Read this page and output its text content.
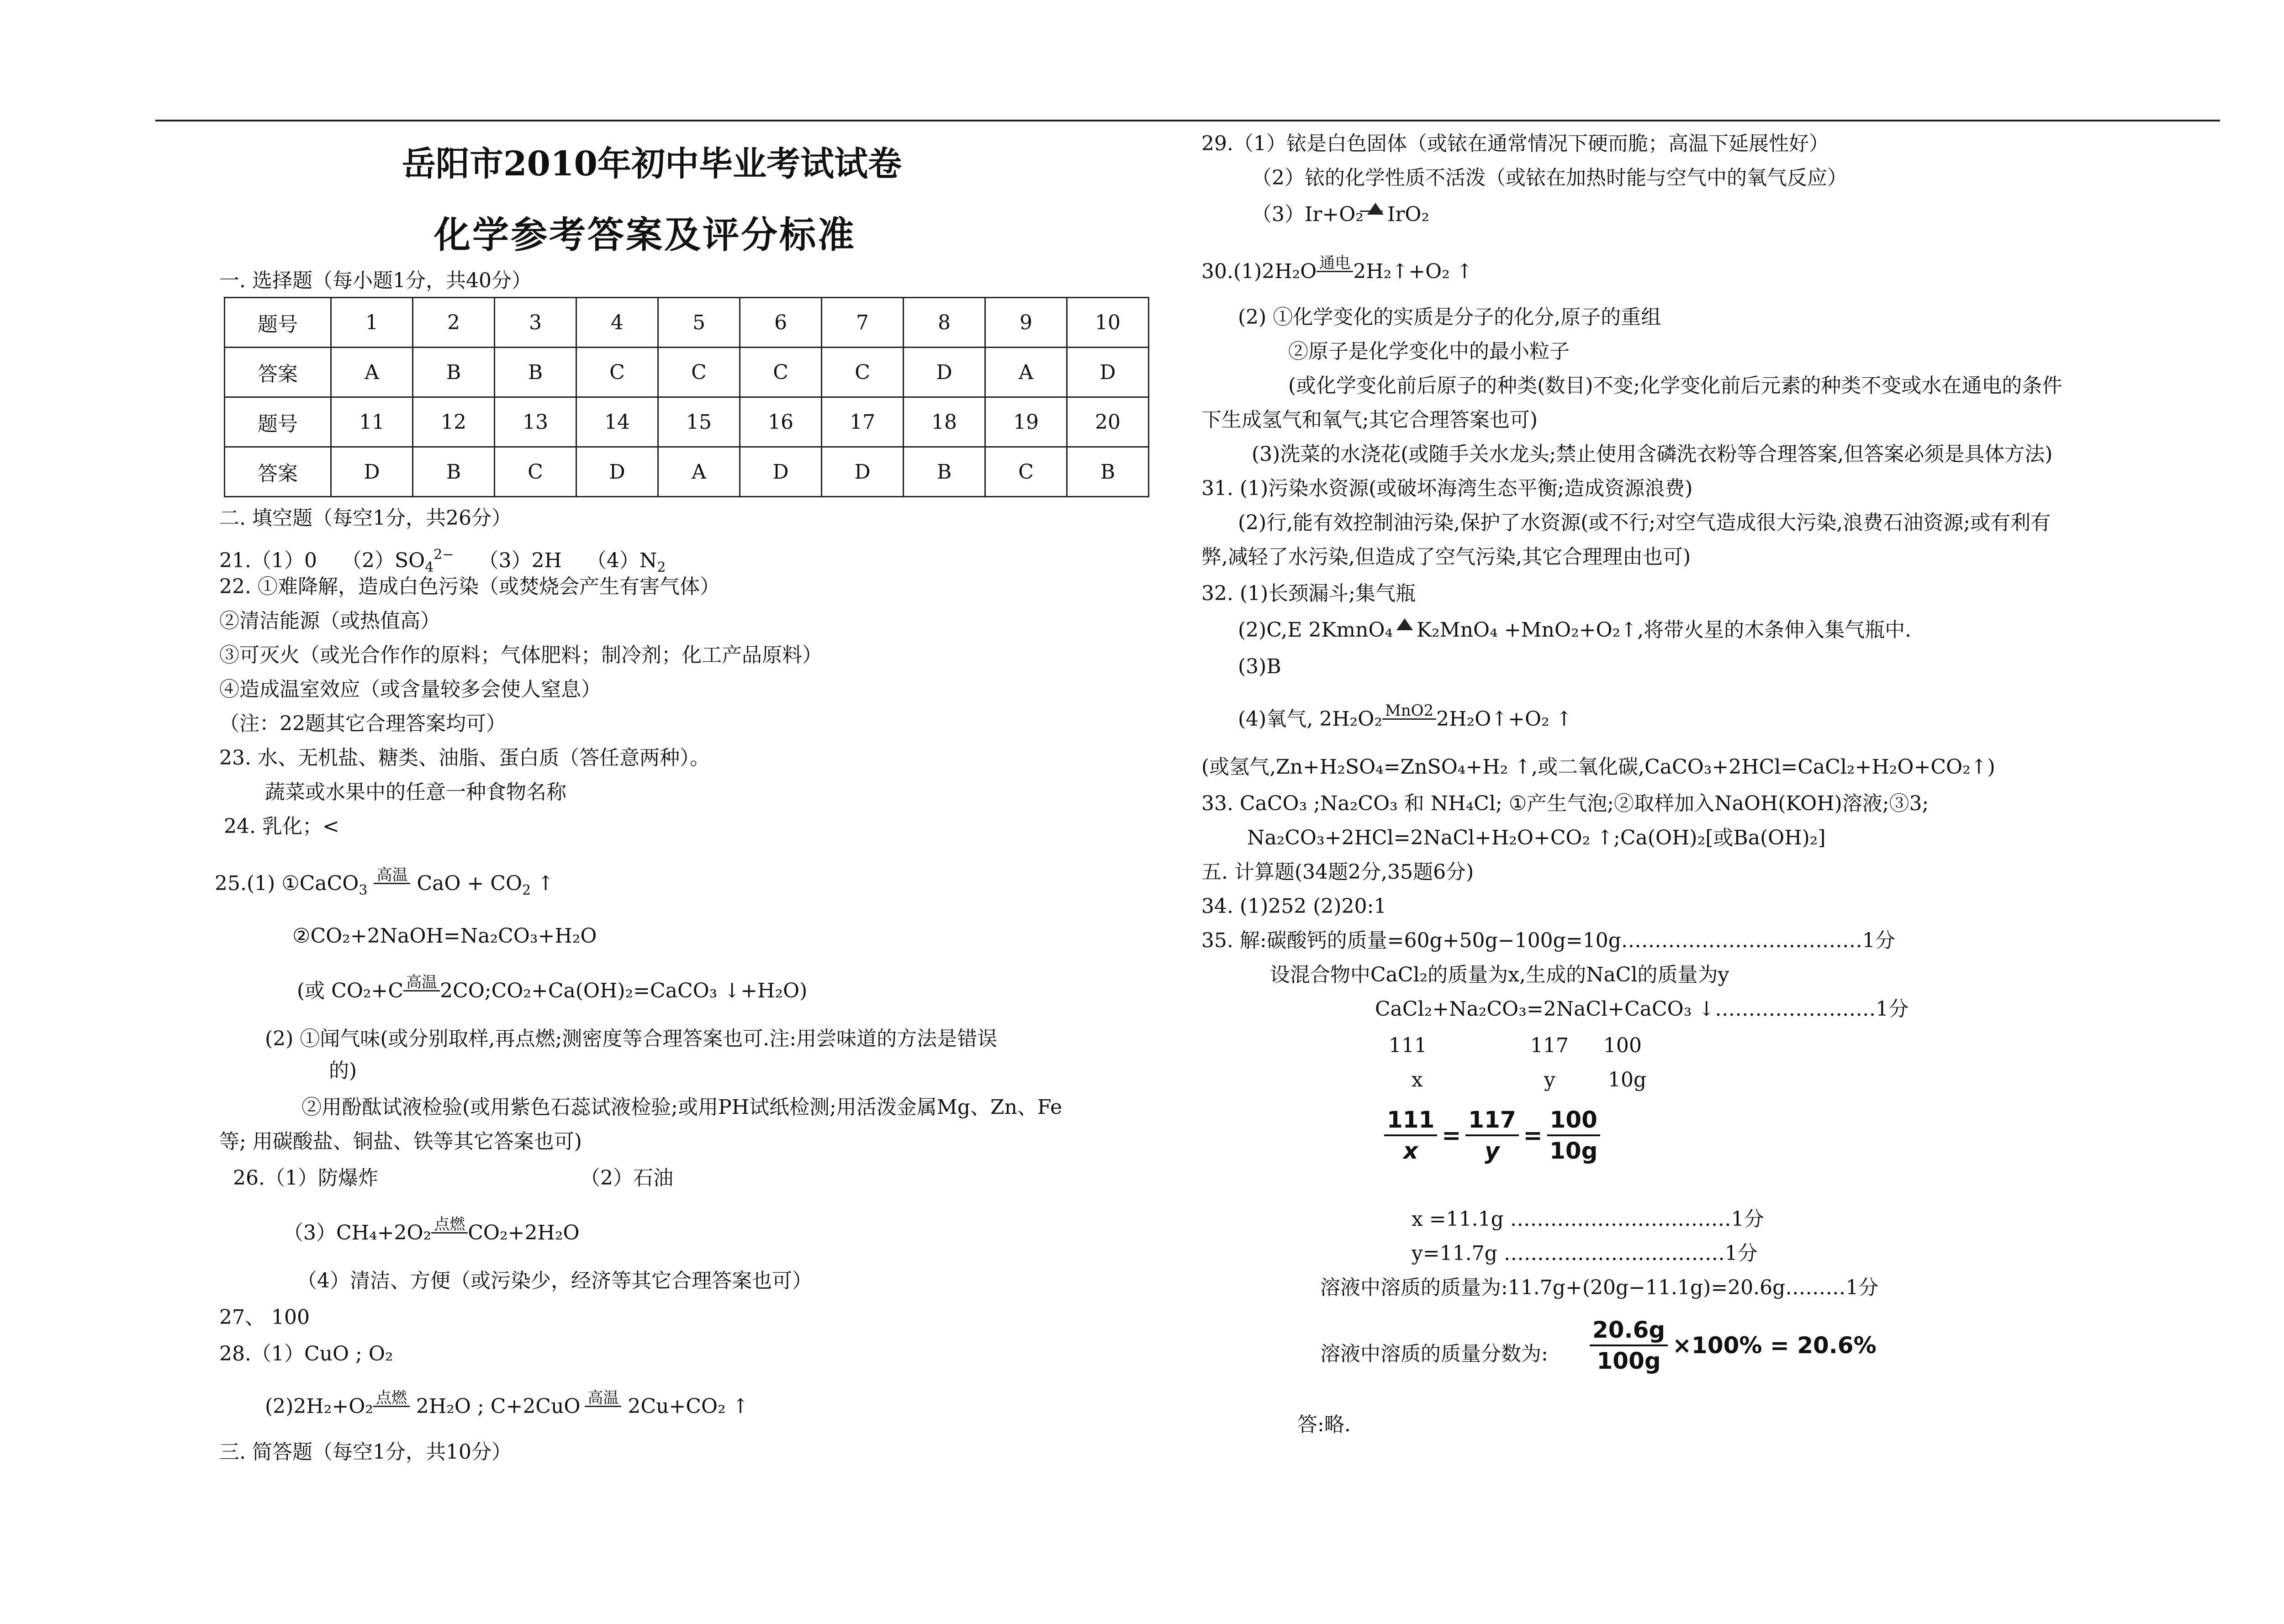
岳阳市2010年初中毕业考试试卷
化学参考答案及评分标准
一. 选择题（每小题1分，共40分）
题号	1	2	3	4	5	6	7	8	9	10
答案	A	B	B	C	C	C	C	D	A	D
题号	11	12	13	14	15	16	17	18	19	20
答案	D	B	C	D	A	D	D	B	C	B
二. 填空题（每空1分，共26分）
21.（1）0 $(2)SO_4^{2-}$ （3）2H $(4)N_2$
22. ①难降解，造成白色污染（或焚烧会产生有害气体）
②清洁能源（或热值高）
③可灭火（或光合作作的原料；气体肥料；制冷剂；化工产品原料）
④造成温室效应（或含量较多会使人窒息）
（注：22题其它合理答案均可）
23. 水、无机盐、糖类、油脂、蛋白质（答任意两种）。
蔬菜或水果中的任意一种食物名称
24. 乳化；<
25.(1) ①CaCO$_3$ 高温 CaO + $CO_2$ ↑
②CO₂+2NaOH=Na₂CO₃+H₂O
(或 CO₂+C 高温 2CO;CO₂+Ca(OH)₂=CaCO₃ ↓+H₂O)
(2) ①闻气味(或分别取样,再点燃;测密度等合理答案也可.注:用尝味道的方法是错误
的)
②用酚酞试液检验(或用紫色石蕊试液检验;或用PH试纸检测;用活泼金属Mg、Zn、Fe
等; 用碳酸盐、铜盐、铁等其它答案也可)
26.（1）防爆炸	（2）石油
（3）CH₄+2O₂ 点燃 CO₂+2H₂O
（4）清洁、方便（或污染少，经济等其它合理答案也可）
27、 100
28.（1）CuO ; O₂
(2)2H₂+O₂ 点燃 2H₂O ; C+2CuO 高温 2Cu+CO₂ ↑
三. 简答题（每空1分，共10分）
29.（1）铱是白色固体（或铱在通常情况下硬而脆；高温下延展性好）
（2）铱的化学性质不活泼（或铱在加热时能与空气中的氧气反应）
（3）Ir+O₂ IrO₂
30.(1)2H₂O 通电 2H₂↑+O₂ ↑
(2) ①化学变化的实质是分子的化分,原子的重组
②原子是化学变化中的最小粒子
(或化学变化前后原子的种类(数目)不变;化学变化前后元素的种类不变或水在通电的条件
下生成氢气和氧气;其它合理答案也可)
(3)洗菜的水浇花(或随手关水龙头;禁止使用含磷洗衣粉等合理答案,但答案必须是具体方法)
31. (1)污染水资源(或破坏海湾生态平衡;造成资源浪费)
(2)行,能有效控制油污染,保护了水资源(或不行;对空气造成很大污染,浪费石油资源;或有利有
弊,减轻了水污染,但造成了空气污染,其它合理理由也可)
32. (1)长颈漏斗;集气瓶
(2)C,E 2KmnO₄ K₂MnO₄ +MnO₂+O₂↑,将带火星的木条伸入集气瓶中.
(3)B
(4)氧气, 2H₂O₂ MnO2 2H₂O↑+O₂ ↑
(或氢气,Zn+H₂SO₄=ZnSO₄+H₂ ↑,或二氧化碳,CaCO₃+2HCl=CaCl₂+H₂O+CO₂↑)
33. CaCO₃ ;Na₂CO₃ 和 NH₄Cl; ①产生气泡;②取样加入NaOH(KOH)溶液;③3;
Na₂CO₃+2HCl=2NaCl+H₂O+CO₂ ↑;Ca(OH)₂[或Ba(OH)₂]
五. 计算题(34题2分,35题6分)
34. (1)252 (2)20:1
35. 解:碳酸钙的质量=60g+50g−100g=10g………………………………1分
设混合物中CaCl₂的质量为x,生成的NaCl的质量为y
CaCl₂+Na₂CO₃=2NaCl+CaCO₃ ↓……………………1分
111	117 100
x	y	10g
$\frac{111}{x} = \frac{117}{y} = \frac{100}{10g}$
x =11.1g ……………………………1分
y=11.7g ……………………………1分
溶液中溶质的质量为:11.7g+(20g−11.1g)=20.6g………1分
溶液中溶质的质量分数为: $\frac{20.6g}{100g} \times 100\% = 20.6\%$
答:略.
